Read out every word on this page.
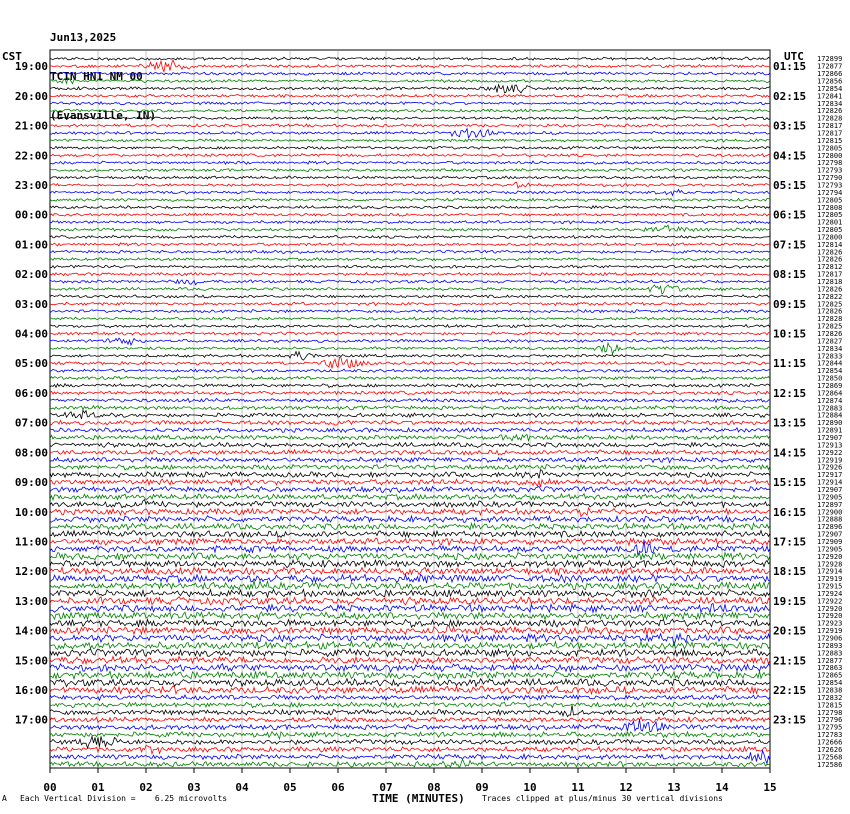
Jun13,2025

TCIN HN1 NM 00

(Evansville, IN)

CST	UTC 172899
172877
172866
172856
172854
172841
172834
172826
172828
172817
172817
172815
172805
172800
172798
172793
172790
172793
172794
172805
172808
172805
172801
172805
172800
172814
172826
172826
172812
172817
172818
172826
172822
172825
172826
172828
172825
172826
172827
172834
172833
172844
172854
172850
172869
172864
172874
172883
172884
172890
172891
172907
172913
172922
172919
172926
172917
172914
172907
172905
172897
172900
172888
172896
172907
172909
172905
172920
172928
172914
172919
172915
172924
172922
172920
172920
172923
172919
172906
172893
172883
172877
172863
172865
172854
172838
172832
172815
172798
172796
172795
172783
172666
172626
172568
172586
19:00	01:15
20:00	02:15
21:00	03:15
22:00	04:15
23:00	05:15
00:00	06:15
01:00	07:15
02:00	08:15
03:00	09:15
04:00	10:15
05:00	11:15
06:00	12:15
07:00	13:15
08:00	14:15
09:00	15:15
10:00	16:15
11:00	17:15
12:00	18:15
13:00	19:15
14:00	20:15
15:00	21:15
16:00	22:15
17:00	23:15
00	01	02	03	04	05	06	07	08	09	10	11	12	13	14	15
A Each Vertical Division =    6.25 microvolts	TIME (MINUTES) Traces clipped at plus/minus 30 vertical divisions
